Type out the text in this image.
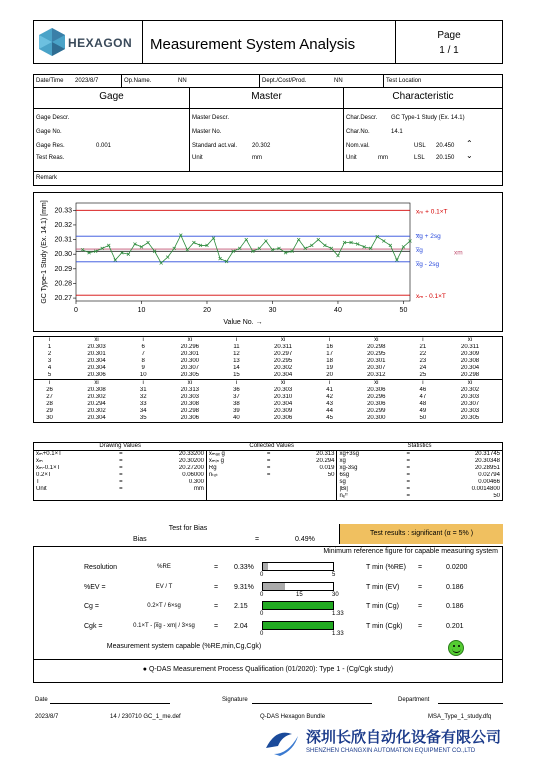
HEXAGON Measurement System Analysis
Page
1 / 1
Date/Time 2023/8/7	Op.Name.	NN	Dept./Cost/Prod.	NN	Test Location
Gage	Master	Characteristic
Gage Descr.
Gage No.
Gage Res.	0.001
Test Reas.
Master Descr.
Master No.
Standard act.val. 20.302
Unit	mm
Char.Descr. GC Type-1 Study (Ex. 14.1)
Char.No.	14.1
Nom.val.	USL 20.450 ⌃
Unit	mm	LSL 20.150 ⌄
Remark
20.33
20.32
20.31
20.30
20.29
20.28
20.27
0	10	20	30	40	50
Value No. →
GC Type-1 Study (Ex. 14.1) [mm]	xₘ + 0.1×T
x̅g + 2sg
x̅g
x̅g - 2sg
xₘ - 0.1×T
xm
i	xi	i	xi	i	xi	i	xi	i	xi
1	20.303	6	20.296	11	20.311	16	20.298	21	20.311
2	20.301	7	20.301	12	20.297	17	20.295	22	20.309
3	20.304	8	20.300	13	20.295	18	20.301	23	20.308
4	20.304	9	20.307	14	20.302	19	20.307	24	20.304
5	20.306	10	20.305	15	20.304	20	20.312	25	20.298
i	xi	i	xi	i	xi	i	xi	i	xi
26	20.308	31	20.313	36	20.303	41	20.306	46	20.302
27	20.302	32	20.303	37	20.310	42	20.296	47	20.303
28	20.294	33	20.308	38	20.304	43	20.306	48	20.307
29	20.302	34	20.298	39	20.309	44	20.299	49	20.303
30	20.304	35	20.306	40	20.306	45	20.300	50	20.305
Drawing Values			Collected Values			Statistics		
xₘ+0.1×T	=	20.33200	xₘₐₓ g	=	20.313	x̅g+3sg	=	20.31745
xₘ	=	20.30200	xₘᵢₙ g	=	20.294	x̅g	=	20.30348
xₘ-0.1×T	=	20.27200	Rg	=	0.019	x̅g-3sg	=	20.28951
0.2×T	=	0.06000	nₜₒₜ	=	50	6sg	=	0.02794
T	=	0.300				sg	=	0.00466
Unit	=	mm				|Bi|	=	0.0014800
						nₑᶠᶠ	=	50
Test for Bias
Bias	=	0.49%
Test results : significant (α = 5% )
Minimum reference figure for capable measuring system
Resolution	%RE	= 0.33%
0	5
T min (%RE) =	0.0200
%EV =	EV / T	= 9.31%
0	15	30
T min (EV)	=	0.186
Cg =	0.2×T / 6×sg	= 2.15
0	1.33
T min (Cg)	=	0.186
Cgk =	0.1×T - |x̅g - xm| / 3×sg	= 2.04
0	1.33
T min (Cgk) =	0.201
Measurement system capable (%RE,min,Cg,Cgk)
● Q-DAS Measurement Process Qualification (01/2020): Type 1 - (Cg/Cgk study)
Date	Signature	Department
2023/8/7	14 / 230710 GC_1_me.def	Q-DAS Hexagon Bundle	MSA_Type_1_study.dfq
深圳长欣自动化设备有限公司
SHENZHEN CHANGXIN AUTOMATION EQUIPMENT CO.,LTD
